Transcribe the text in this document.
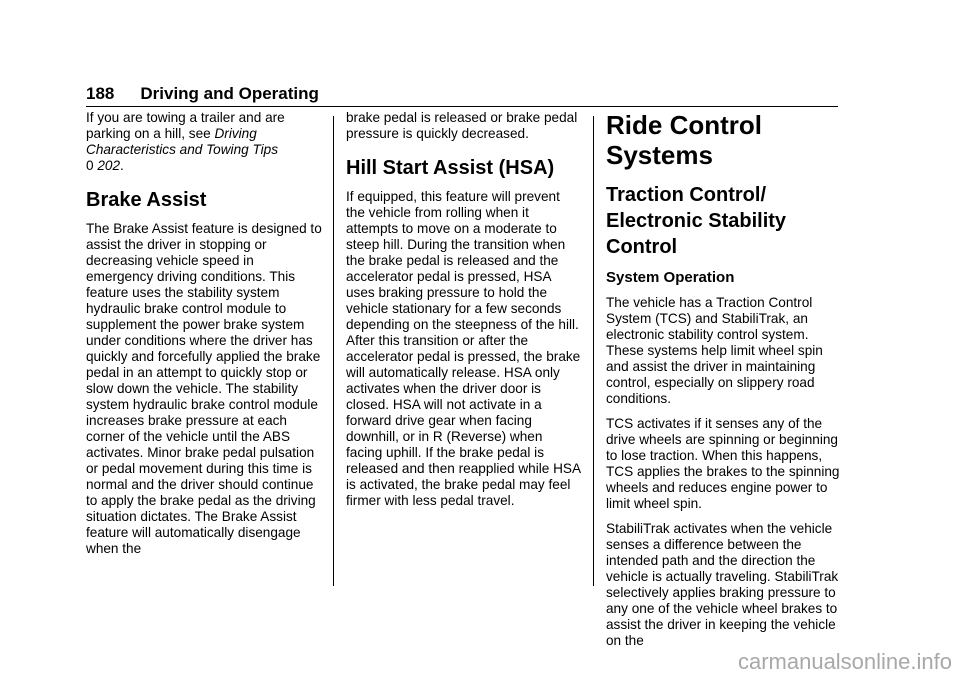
188 Driving and Operating

If you are towing a trailer and are parking on a hill, see Driving Characteristics and Towing Tips
0 202.

Brake Assist

The Brake Assist feature is designed to assist the driver in stopping or decreasing vehicle speed in emergency driving conditions. This feature uses the stability system hydraulic brake control module to supplement the power brake system under conditions where the driver has quickly and forcefully applied the brake pedal in an attempt to quickly stop or slow down the vehicle. The stability system hydraulic brake control module increases brake pressure at each corner of the vehicle until the ABS activates. Minor brake pedal pulsation or pedal movement during this time is normal and the driver should continue to apply the brake pedal as the driving situation dictates. The Brake Assist feature will automatically disengage when the

brake pedal is released or brake pedal pressure is quickly decreased.

Hill Start Assist (HSA)

If equipped, this feature will prevent the vehicle from rolling when it attempts to move on a moderate to steep hill. During the transition when the brake pedal is released and the accelerator pedal is pressed, HSA uses braking pressure to hold the vehicle stationary for a few seconds depending on the steepness of the hill. After this transition or after the accelerator pedal is pressed, the brake will automatically release. HSA only activates when the driver door is closed. HSA will not activate in a forward drive gear when facing downhill, or in R (Reverse) when facing uphill. If the brake pedal is released and then reapplied while HSA is activated, the brake pedal may feel firmer with less pedal travel.

Ride Control Systems
Traction Control/ Electronic Stability Control
System Operation

The vehicle has a Traction Control System (TCS) and StabiliTrak, an electronic stability control system. These systems help limit wheel spin and assist the driver in maintaining control, especially on slippery road conditions.

TCS activates if it senses any of the drive wheels are spinning or beginning to lose traction. When this happens, TCS applies the brakes to the spinning wheels and reduces engine power to limit wheel spin.

StabiliTrak activates when the vehicle senses a difference between the intended path and the direction the vehicle is actually traveling. StabiliTrak selectively applies braking pressure to any one of the vehicle wheel brakes to assist the driver in keeping the vehicle on the

carmanualsonline.info
